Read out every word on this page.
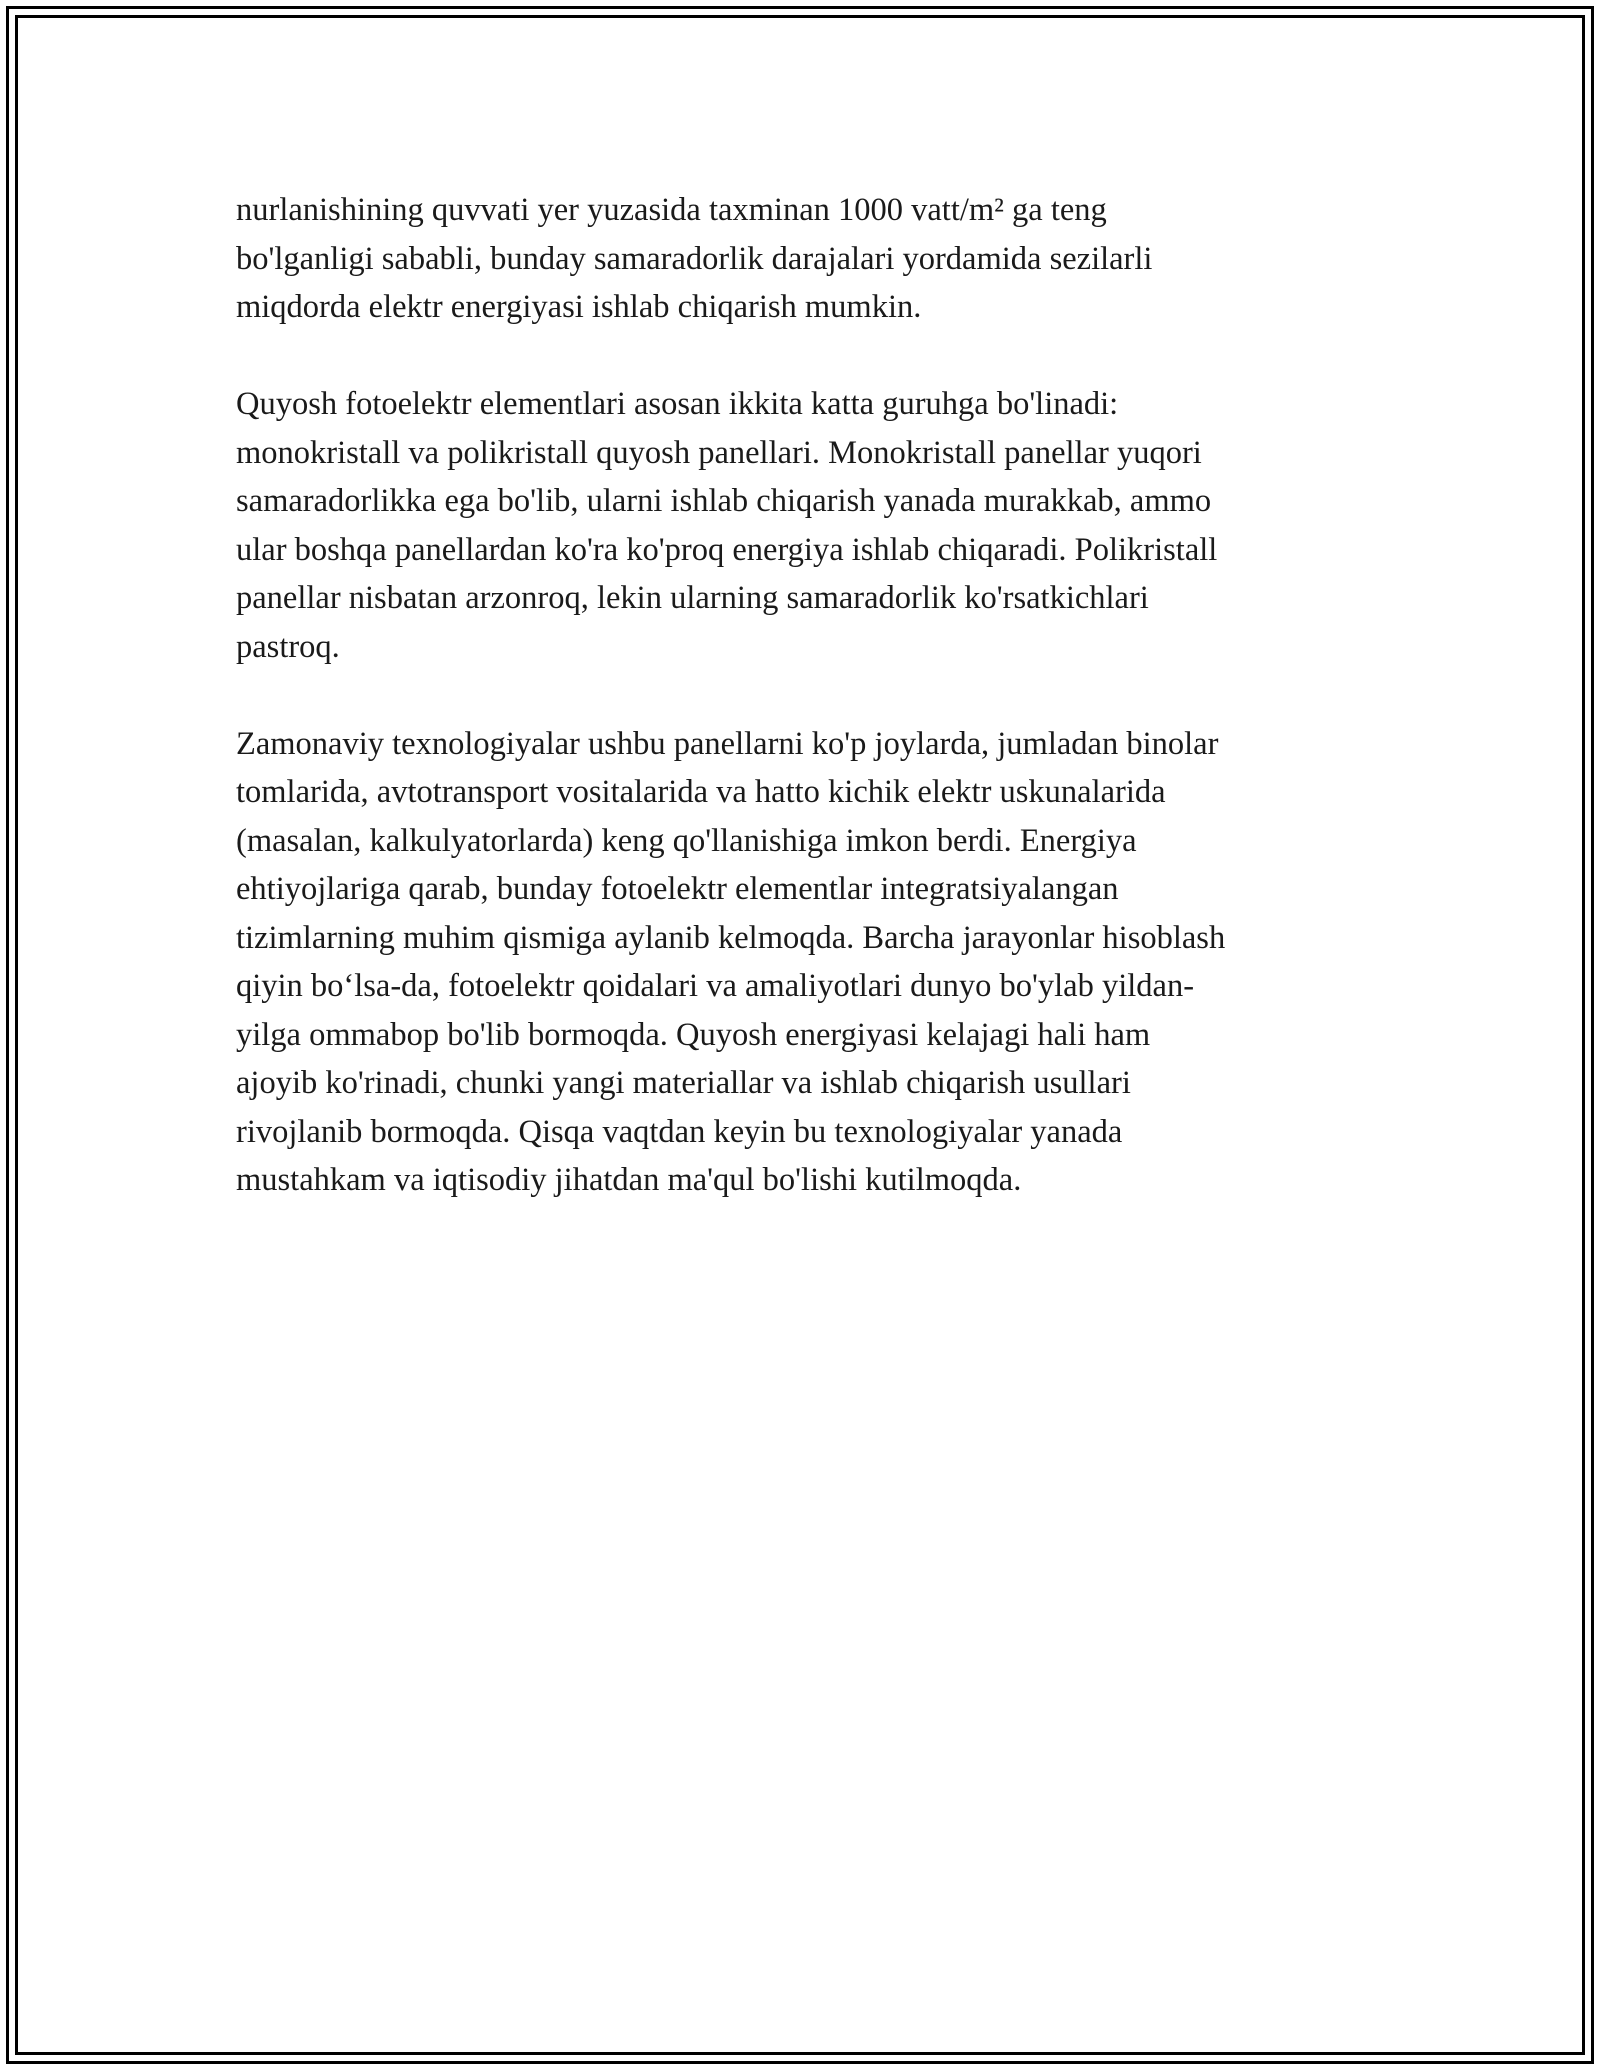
nurlanishining quvvati yer yuzasida taxminan 1000 vatt/m² ga teng
bo'lganligi sababli, bunday samaradorlik darajalari yordamida sezilarli
miqdorda elektr energiyasi ishlab chiqarish mumkin.

Quyosh fotoelektr elementlari asosan ikkita katta guruhga bo'linadi:
monokristall va polikristall quyosh panellari. Monokristall panellar yuqori
samaradorlikka ega bo'lib, ularni ishlab chiqarish yanada murakkab, ammo
ular boshqa panellardan ko'ra ko'proq energiya ishlab chiqaradi. Polikristall
panellar nisbatan arzonroq, lekin ularning samaradorlik ko'rsatkichlari
pastroq.

Zamonaviy texnologiyalar ushbu panellarni ko'p joylarda, jumladan binolar
tomlarida, avtotransport vositalarida va hatto kichik elektr uskunalarida
(masalan, kalkulyatorlarda) keng qo'llanishiga imkon berdi. Energiya
ehtiyojlariga qarab, bunday fotoelektr elementlar integratsiyalangan
tizimlarning muhim qismiga aylanib kelmoqda. Barcha jarayonlar hisoblash
qiyin bo‘lsa-da, fotoelektr qoidalari va amaliyotlari dunyo bo'ylab yildan-
yilga ommabop bo'lib bormoqda. Quyosh energiyasi kelajagi hali ham
ajoyib ko'rinadi, chunki yangi materiallar va ishlab chiqarish usullari
rivojlanib bormoqda. Qisqa vaqtdan keyin bu texnologiyalar yanada
mustahkam va iqtisodiy jihatdan ma'qul bo'lishi kutilmoqda.
